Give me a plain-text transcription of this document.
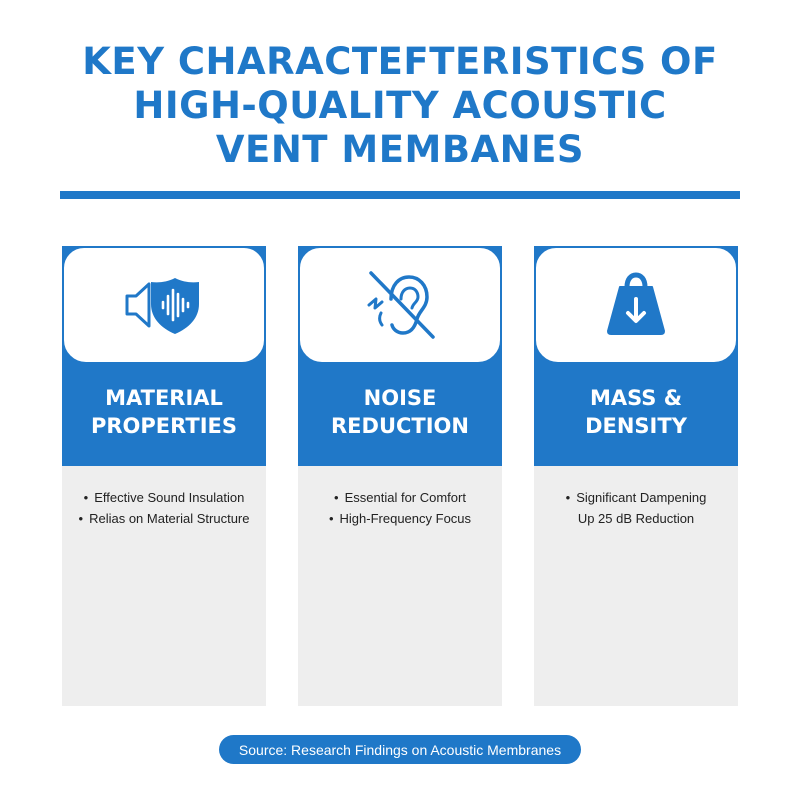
KEY CHARACTEFTERISTICS OF
HIGH-QUALITY ACOUSTIC
VENT MEMBANES
MATERIAL
PROPERTIES
• Effective Sound Insulation
• Relias on Material Structure
NOISE
REDUCTION
• Essential for Comfort
• High-Frequency Focus
MASS &
DENSITY
• Significant Dampening
Up 25 dB Reduction
Source: Research Findings on Acoustic Membranes
